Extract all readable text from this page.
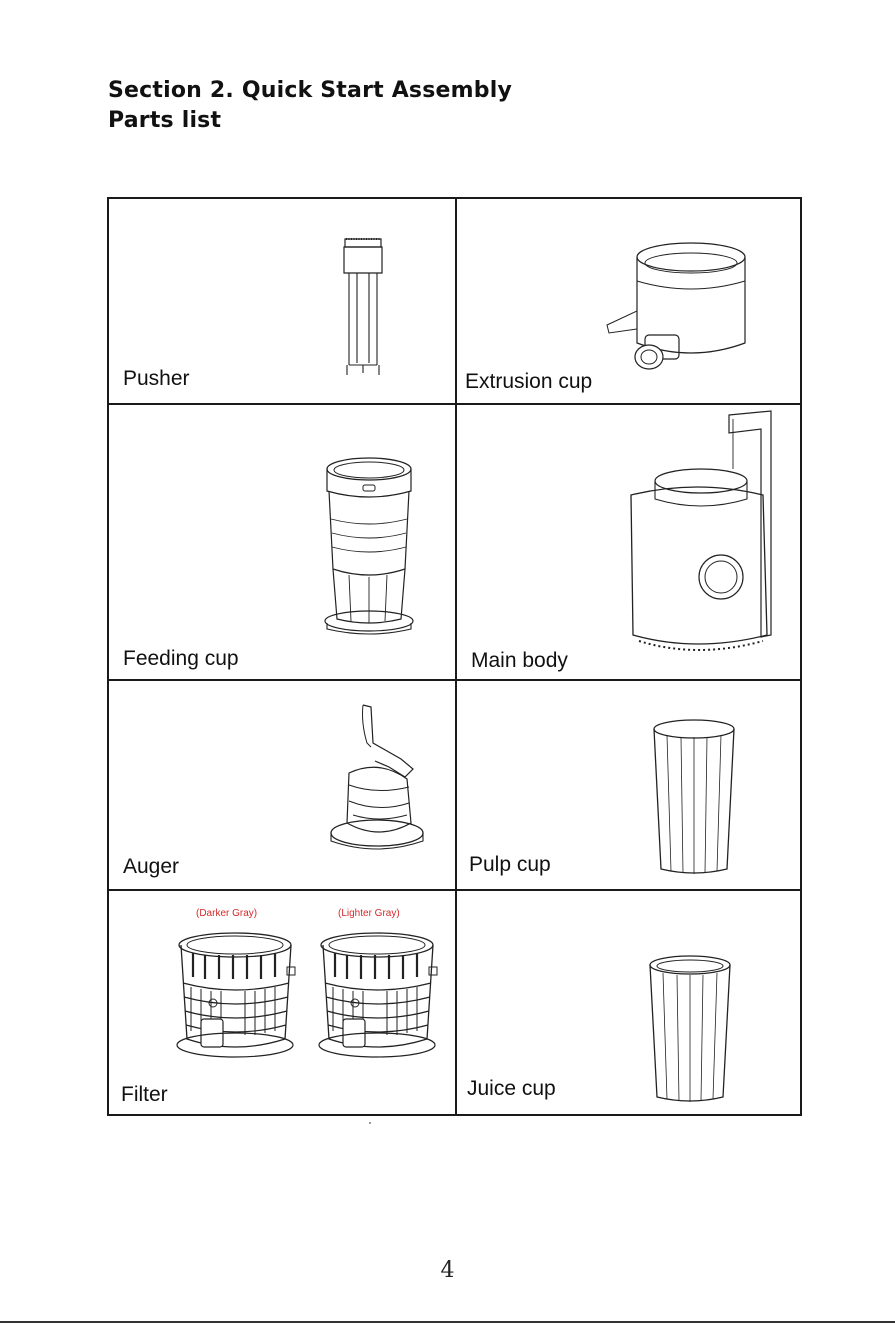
Section 2. Quick Start Assembly
Parts list
Pusher	Extrusion cup
Feeding cup	Main body
Auger	Pulp cup
(Darker Gray)	(Lighter Gray)
Filter	Juice cup
4
